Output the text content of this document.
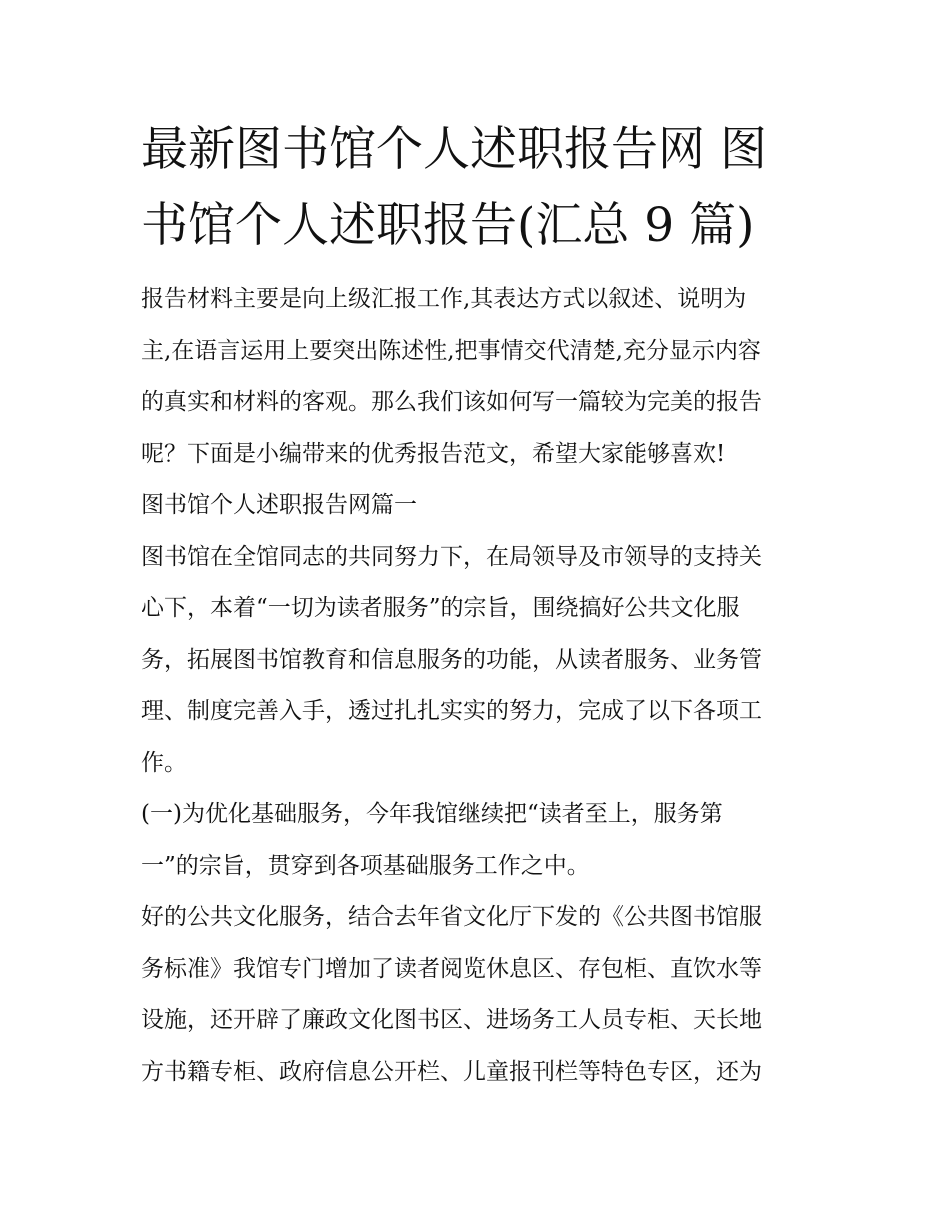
最新图书馆个人述职报告网 图
书馆个人述职报告(汇总 9 篇)
报告材料主要是向上级汇报工作,其表达方式以叙述、说明为
主,在语言运用上要突出陈述性,把事情交代清楚,充分显示内容
的真实和材料的客观。那么我们该如何写一篇较为完美的报告
呢？下面是小编带来的优秀报告范文，希望大家能够喜欢!
图书馆个人述职报告网篇一
图书馆在全馆同志的共同努力下，在局领导及市领导的支持关
心下，本着“一切为读者服务”的宗旨，围绕搞好公共文化服
务，拓展图书馆教育和信息服务的功能，从读者服务、业务管
理、制度完善入手，透过扎扎实实的努力，完成了以下各项工
作。
(一)为优化基础服务，今年我馆继续把“读者至上，服务第
一”的宗旨，贯穿到各项基础服务工作之中。
好的公共文化服务，结合去年省文化厅下发的《公共图书馆服
务标准》我馆专门增加了读者阅览休息区、存包柜、直饮水等
设施，还开辟了廉政文化图书区、进场务工人员专柜、天长地
方书籍专柜、政府信息公开栏、儿童报刊栏等特色专区，还为
